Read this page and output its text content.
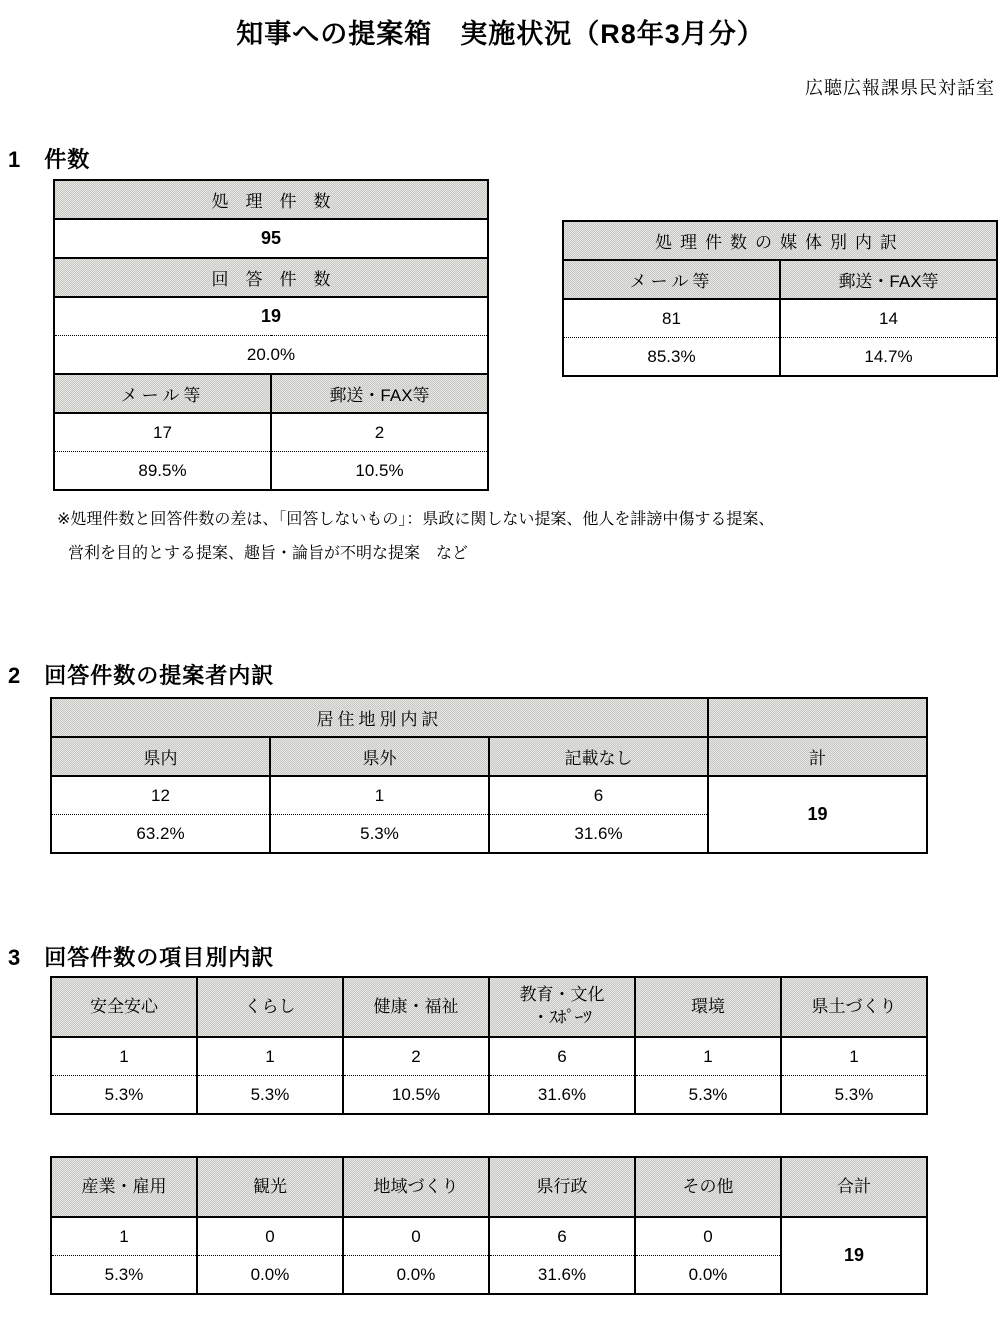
知事への提案箱　実施状況（R8年3月分）
広聴広報課県民対話室
1　件数
処　理　件　数	
95	
回　答　件　数	
19	
20.0%	
メール等	郵送・FAX等
17	2
89.5%	10.5%
処理件数の媒体別内訳	
メール等	郵送・FAX等
81	14
85.3%	14.7%
※処理件数と回答件数の差は、「回答しないもの」：県政に関しない提案、他人を誹謗中傷する提案、
営利を目的とする提案、趣旨・論旨が不明な提案　など
2　回答件数の提案者内訳
居住地別内訳			
県内	県外	記載なし	計
12	1	6	19
63.2%	5.3%	31.6%	
3　回答件数の項目別内訳
安全安心	くらし	健康・福祉	教育・文化
・ｽﾎﾟｰﾂ	環境	県土づくり
1	1	2	6	1	1
5.3%	5.3%	10.5%	31.6%	5.3%	5.3%
産業・雇用	観光	地域づくり	県行政	その他	合計
1	0	0	6	0	19
5.3%	0.0%	0.0%	31.6%	0.0%	
